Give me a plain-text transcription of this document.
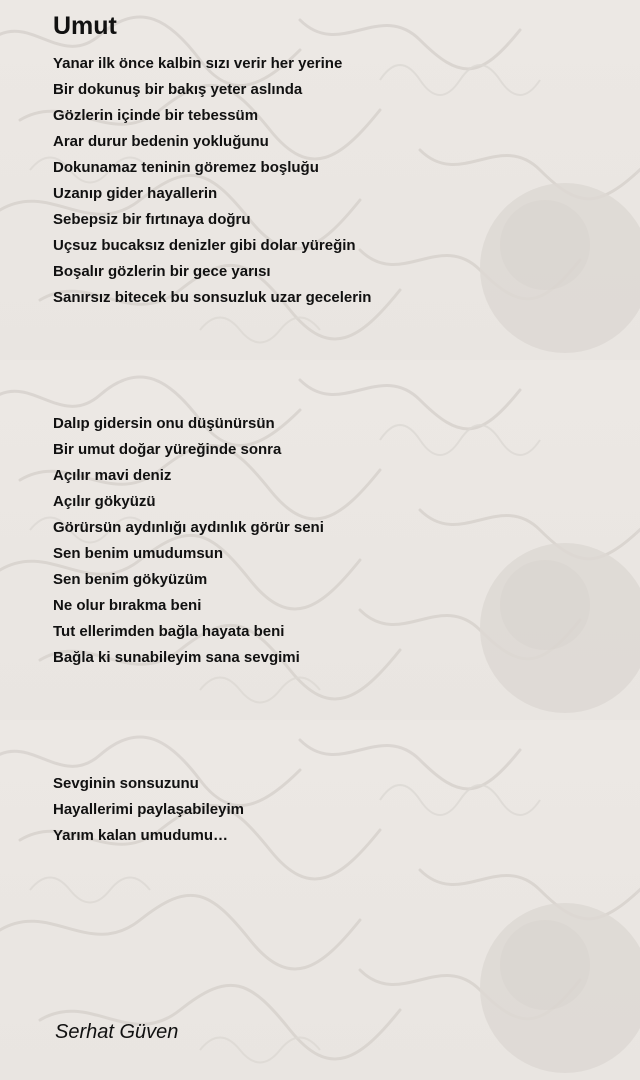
Umut
Yanar ilk önce kalbin sızı verir her yerine
Bir dokunuş bir bakış yeter aslında
Gözlerin içinde bir tebessüm
Arar durur bedenin yokluğunu
Dokunamaz teninin göremez boşluğu
Uzanıp gider hayallerin
Sebepsiz bir fırtınaya doğru
Uçsuz bucaksız denizler gibi dolar yüreğin
Boşalır gözlerin bir gece yarısı
Sanırsız bitecek bu sonsuzluk uzar gecelerin
Dalıp gidersin onu düşünürsün
Bir umut doğar yüreğinde sonra
Açılır mavi deniz
Açılır gökyüzü
Görürsün aydınlığı aydınlık görür seni
Sen benim umudumsun
Sen benim gökyüzüm
Ne olur bırakma beni
Tut ellerimden bağla hayata beni
Bağla ki sunabileyim sana sevgimi
Sevginin sonsuzunu
Hayallerimi paylaşabileyim
Yarım kalan umudumu…
Serhat Güven
